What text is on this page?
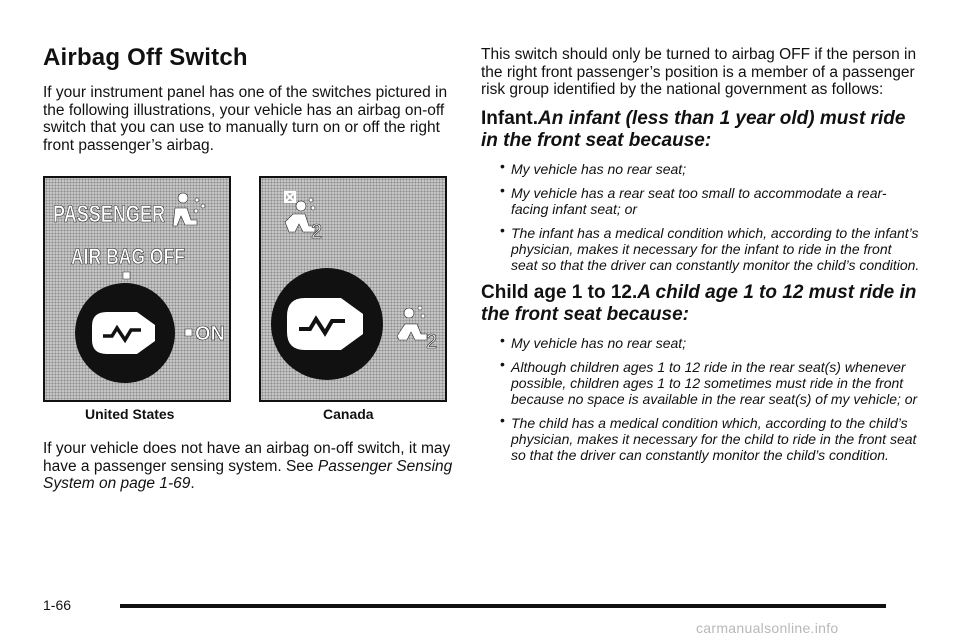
Airbag Off Switch

If your instrument panel has one of the switches pictured in the following illustrations, your vehicle has an airbag on-off switch that you can use to manually turn on or off the right front passenger’s airbag.

PASSENGER
AIR BAG OFF
ON
2
2
United States	Canada

If your vehicle does not have an airbag on-off switch, it may have a passenger sensing system. See Passenger Sensing System on page 1-69.

This switch should only be turned to airbag OFF if the person in the right front passenger’s position is a member of a passenger risk group identified by the national government as follows:

Infant.An infant (less than 1 year old) must ride in the front seat because:
• My vehicle has no rear seat;
• My vehicle has a rear seat too small to accommodate a rear-facing infant seat; or
• The infant has a medical condition which, according to the infant’s physician, makes it necessary for the infant to ride in the front seat so that the driver can constantly monitor the child’s condition.
Child age 1 to 12.A child age 1 to 12 must ride in the front seat because:
• My vehicle has no rear seat;
• Although children ages 1 to 12 ride in the rear seat(s) whenever possible, children ages 1 to 12 sometimes must ride in the front because no space is available in the rear seat(s) of my vehicle; or
• The child has a medical condition which, according to the child’s physician, makes it necessary for the child to ride in the front seat so that the driver can constantly monitor the child’s condition.
1-66
carmanualsonline.info
